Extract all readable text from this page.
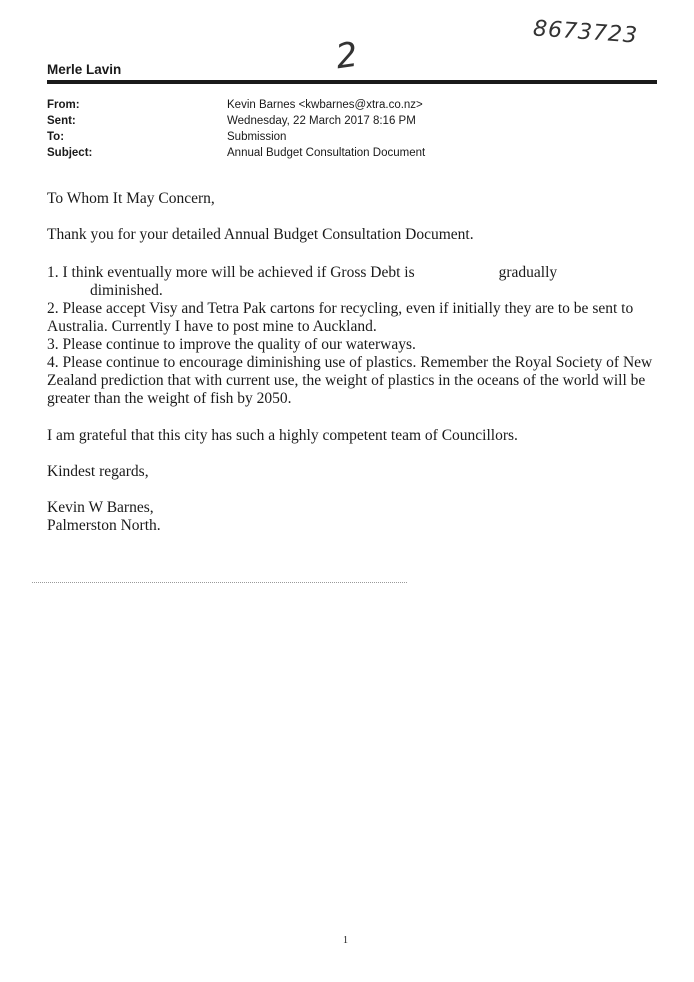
8673723
2
Merle Lavin
From:	Kevin Barnes <kwbarnes@xtra.co.nz>
Sent:	Wednesday, 22 March 2017 8:16 PM
To:	Submission
Subject:	Annual Budget Consultation Document

To Whom It May Concern,

Thank you for your detailed Annual Budget Consultation Document.

1. I think eventually more will be achieved if Gross Debt is	gradually
diminished.

2. Please accept Visy and Tetra Pak cartons for recycling, even if initially they are to be sent to Australia. Currently I have to post mine to Auckland.

3. Please continue to improve the quality of our waterways.

4. Please continue to encourage diminishing use of plastics. Remember the Royal Society of New Zealand prediction that with current use, the weight of plastics in the oceans of the world will be greater than the weight of fish by 2050.

I am grateful that this city has such a highly competent team of Councillors.

Kindest regards,

Kevin W Barnes,

Palmerston North.

1
